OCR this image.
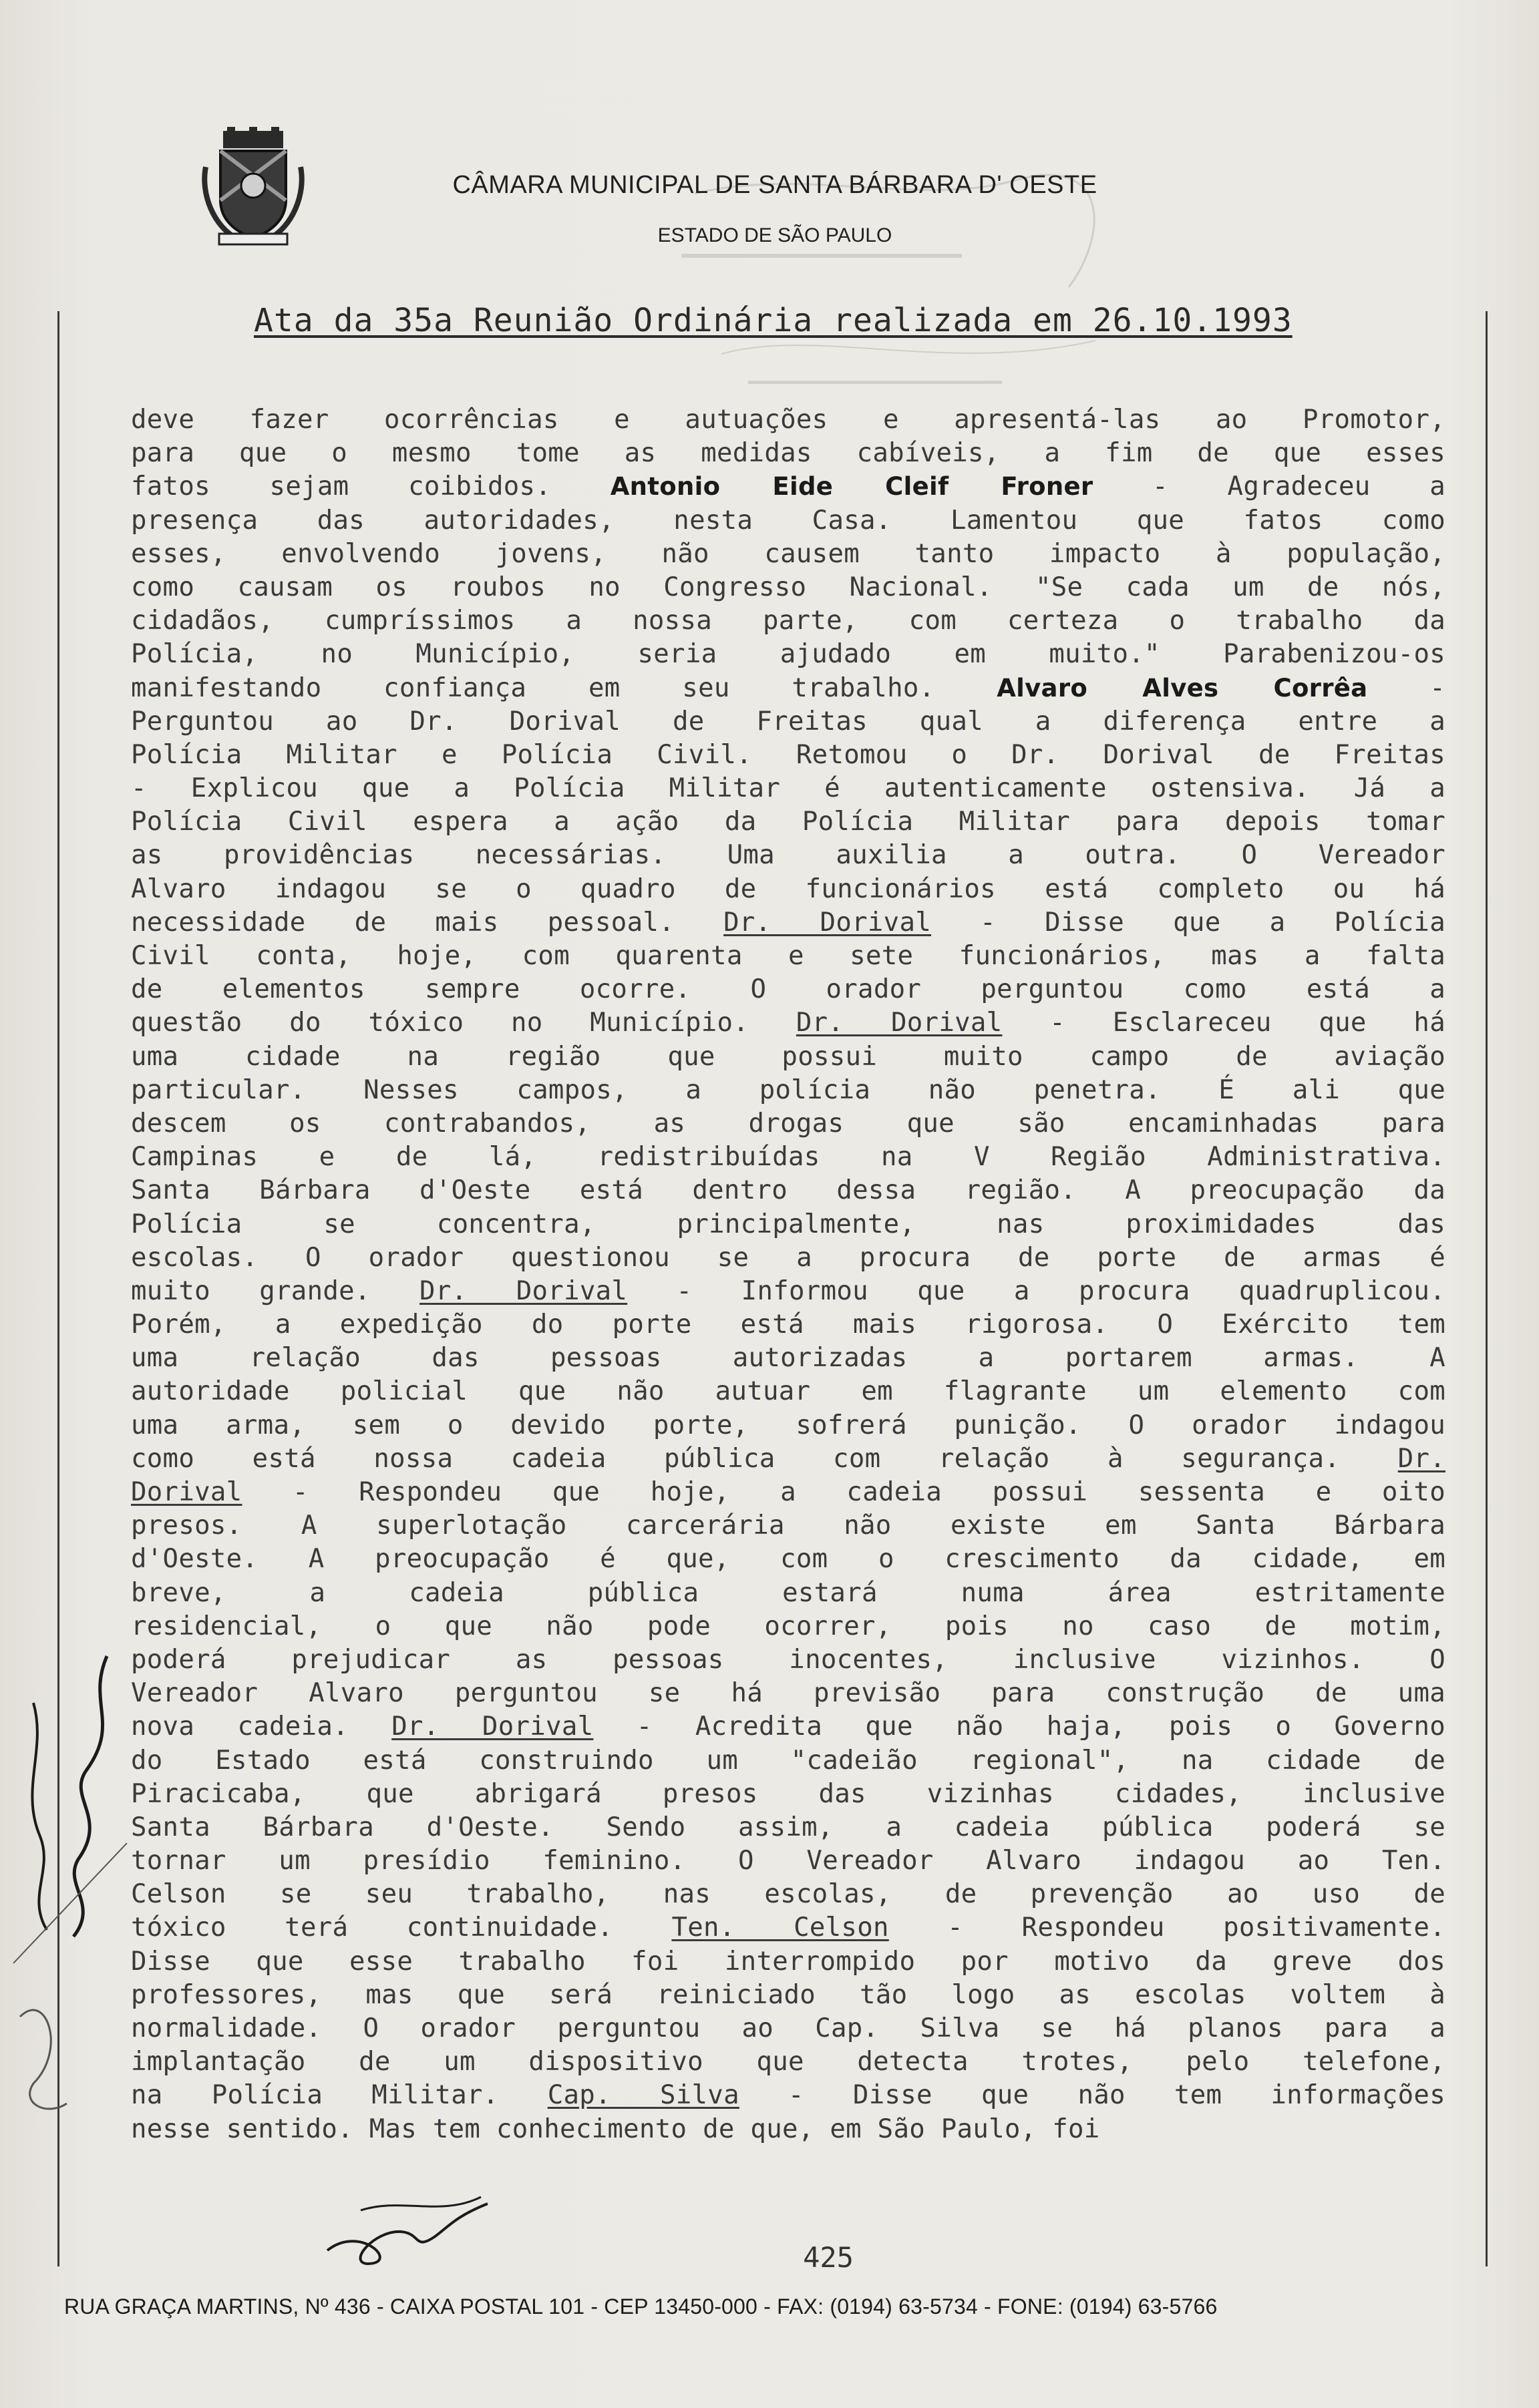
CÂMARA MUNICIPAL DE SANTA BÁRBARA D' OESTE
ESTADO DE SÃO PAULO
Ata da 35a Reunião Ordinária realizada em 26.10.1993
deve fazer ocorrências e autuações e apresentá-las ao Promotor,
para que o mesmo tome as medidas cabíveis, a fim de que esses
fatos sejam coibidos. Antonio Eide Cleif Froner - Agradeceu a
presença das autoridades, nesta Casa. Lamentou que fatos como
esses, envolvendo jovens, não causem tanto impacto à população,
como causam os roubos no Congresso Nacional. "Se cada um de nós,
cidadãos, cumpríssimos a nossa parte, com certeza o trabalho da
Polícia, no Município, seria ajudado em muito." Parabenizou-os
manifestando confiança em seu trabalho. Alvaro Alves Corrêa -
Perguntou ao Dr. Dorival de Freitas qual a diferença entre a
Polícia Militar e Polícia Civil. Retomou o Dr. Dorival de Freitas
- Explicou que a Polícia Militar é autenticamente ostensiva. Já a
Polícia Civil espera a ação da Polícia Militar para depois tomar
as providências necessárias. Uma auxilia a outra. O Vereador
Alvaro indagou se o quadro de funcionários está completo ou há
necessidade de mais pessoal. Dr. Dorival - Disse que a Polícia
Civil conta, hoje, com quarenta e sete funcionários, mas a falta
de elementos sempre ocorre. O orador perguntou como está a
questão do tóxico no Município. Dr. Dorival - Esclareceu que há
uma cidade na região que possui muito campo de aviação
particular. Nesses campos, a polícia não penetra. É ali que
descem os contrabandos, as drogas que são encaminhadas para
Campinas e de lá, redistribuídas na V Região Administrativa.
Santa Bárbara d'Oeste está dentro dessa região. A preocupação da
Polícia se concentra, principalmente, nas proximidades das
escolas. O orador questionou se a procura de porte de armas é
muito grande. Dr. Dorival - Informou que a procura quadruplicou.
Porém, a expedição do porte está mais rigorosa. O Exército tem
uma relação das pessoas autorizadas a portarem armas. A
autoridade policial que não autuar em flagrante um elemento com
uma arma, sem o devido porte, sofrerá punição. O orador indagou
como está nossa cadeia pública com relação à segurança. Dr.
Dorival - Respondeu que hoje, a cadeia possui sessenta e oito
presos. A superlotação carcerária não existe em Santa Bárbara
d'Oeste. A preocupação é que, com o crescimento da cidade, em
breve, a cadeia pública estará numa área estritamente
residencial, o que não pode ocorrer, pois no caso de motim,
poderá prejudicar as pessoas inocentes, inclusive vizinhos. O
Vereador Alvaro perguntou se há previsão para construção de uma
nova cadeia. Dr. Dorival - Acredita que não haja, pois o Governo
do Estado está construindo um "cadeião regional", na cidade de
Piracicaba, que abrigará presos das vizinhas cidades, inclusive
Santa Bárbara d'Oeste. Sendo assim, a cadeia pública poderá se
tornar um presídio feminino. O Vereador Alvaro indagou ao Ten.
Celson se seu trabalho, nas escolas, de prevenção ao uso de
tóxico terá continuidade. Ten. Celson - Respondeu positivamente.
Disse que esse trabalho foi interrompido por motivo da greve dos
professores, mas que será reiniciado tão logo as escolas voltem à
normalidade. O orador perguntou ao Cap. Silva se há planos para a
implantação de um dispositivo que detecta trotes, pelo telefone,
na Polícia Militar. Cap. Silva - Disse que não tem informações
nesse sentido. Mas tem conhecimento de que, em São Paulo, foi
425
RUA GRAÇA MARTINS, Nº 436 - CAIXA POSTAL 101 - CEP 13450-000 - FAX: (0194) 63-5734 - FONE: (0194) 63-5766
